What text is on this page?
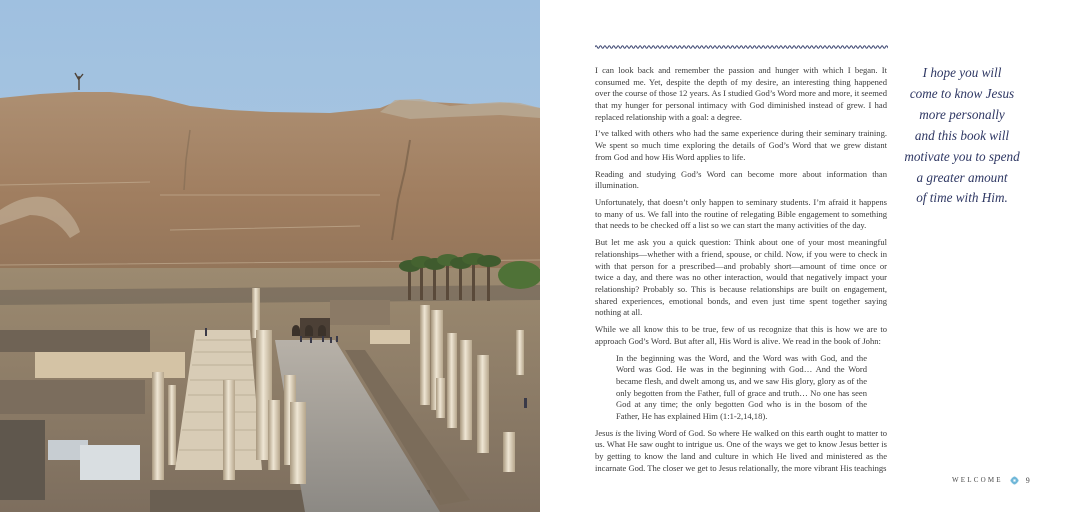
I can look back and remember the passion and hunger with which I began. It consumed me. Yet, despite the depth of my desire, an interesting thing happened over the course of those 12 years. As I studied God’s Word more and more, it seemed that my hunger for personal intimacy with God diminished instead of grew. I had replaced relationship with a goal: a degree.

I’ve talked with others who had the same experience during their seminary training. We spent so much time exploring the details of God’s Word that we grew distant from God and how His Word applies to life.

Reading and studying God’s Word can become more about information than illumination.

Unfortunately, that doesn’t only happen to seminary students. I’m afraid it happens to many of us. We fall into the routine of relegating Bible engagement to something that needs to be checked off a list so we can start the many activities of the day.

But let me ask you a quick question: Think about one of your most meaningful relationships—whether with a friend, spouse, or child. Now, if you were to check in with that person for a prescribed—and probably short—amount of time once or twice a day, and there was no other interaction, would that negatively impact your relationship? Probably so. This is because relationships are built on engagement, shared experiences, emotional bonds, and even just time spent together saying nothing at all.

While we all know this to be true, few of us recognize that this is how we are to approach God’s Word. But after all, His Word is alive. We read in the book of John:

In the beginning was the Word, and the Word was with God, and the Word was God. He was in the beginning with God… And the Word became flesh, and dwelt among us, and we saw His glory, glory as of the only begotten from the Father, full of grace and truth… No one has seen God at any time; the only begotten God who is in the bosom of the Father, He has explained Him (1:1-2,14,18).

Jesus is the living Word of God. So where He walked on this earth ought to matter to us. What He saw ought to intrigue us. One of the ways we get to know Jesus better is by getting to know the land and culture in which He lived and ministered as the incarnate God. The closer we get to Jesus relationally, the more vibrant His teachings

I hope you will
come to know Jesus
more personally
and this book will
motivate you to spend
a greater amount
of time with Him.
WELCOME	9
